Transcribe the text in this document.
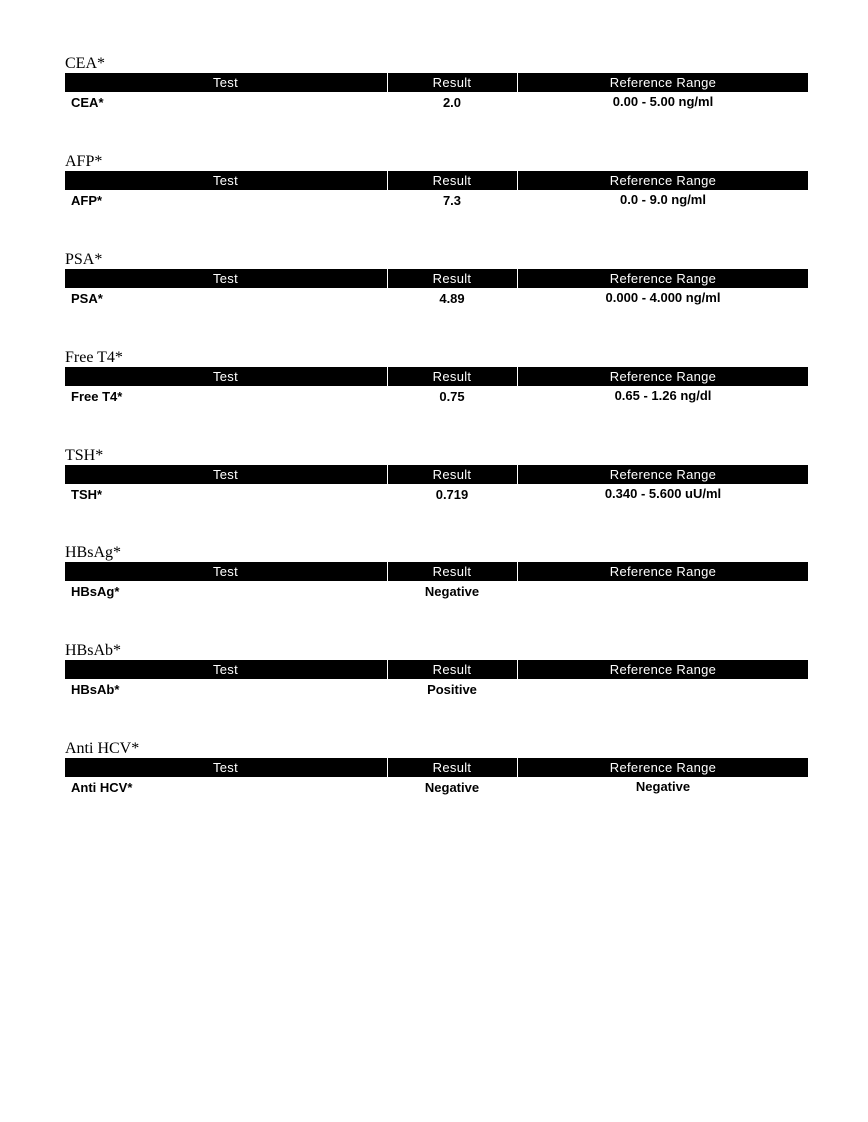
CEA*
Test	Result	Reference Range
CEA*	2.0	0.00 - 5.00 ng/ml
AFP*
Test	Result	Reference Range
AFP*	7.3	0.0 - 9.0 ng/ml
PSA*
Test	Result	Reference Range
PSA*	4.89	0.000 - 4.000 ng/ml
Free T4*
Test	Result	Reference Range
Free T4*	0.75	0.65 - 1.26 ng/dl
TSH*
Test	Result	Reference Range
TSH*	0.719	0.340 - 5.600 uU/ml
HBsAg*
Test	Result	Reference Range
HBsAg*	Negative
HBsAb*
Test	Result	Reference Range
HBsAb*	Positive
Anti HCV*
Test	Result	Reference Range
Anti HCV*	Negative	Negative
